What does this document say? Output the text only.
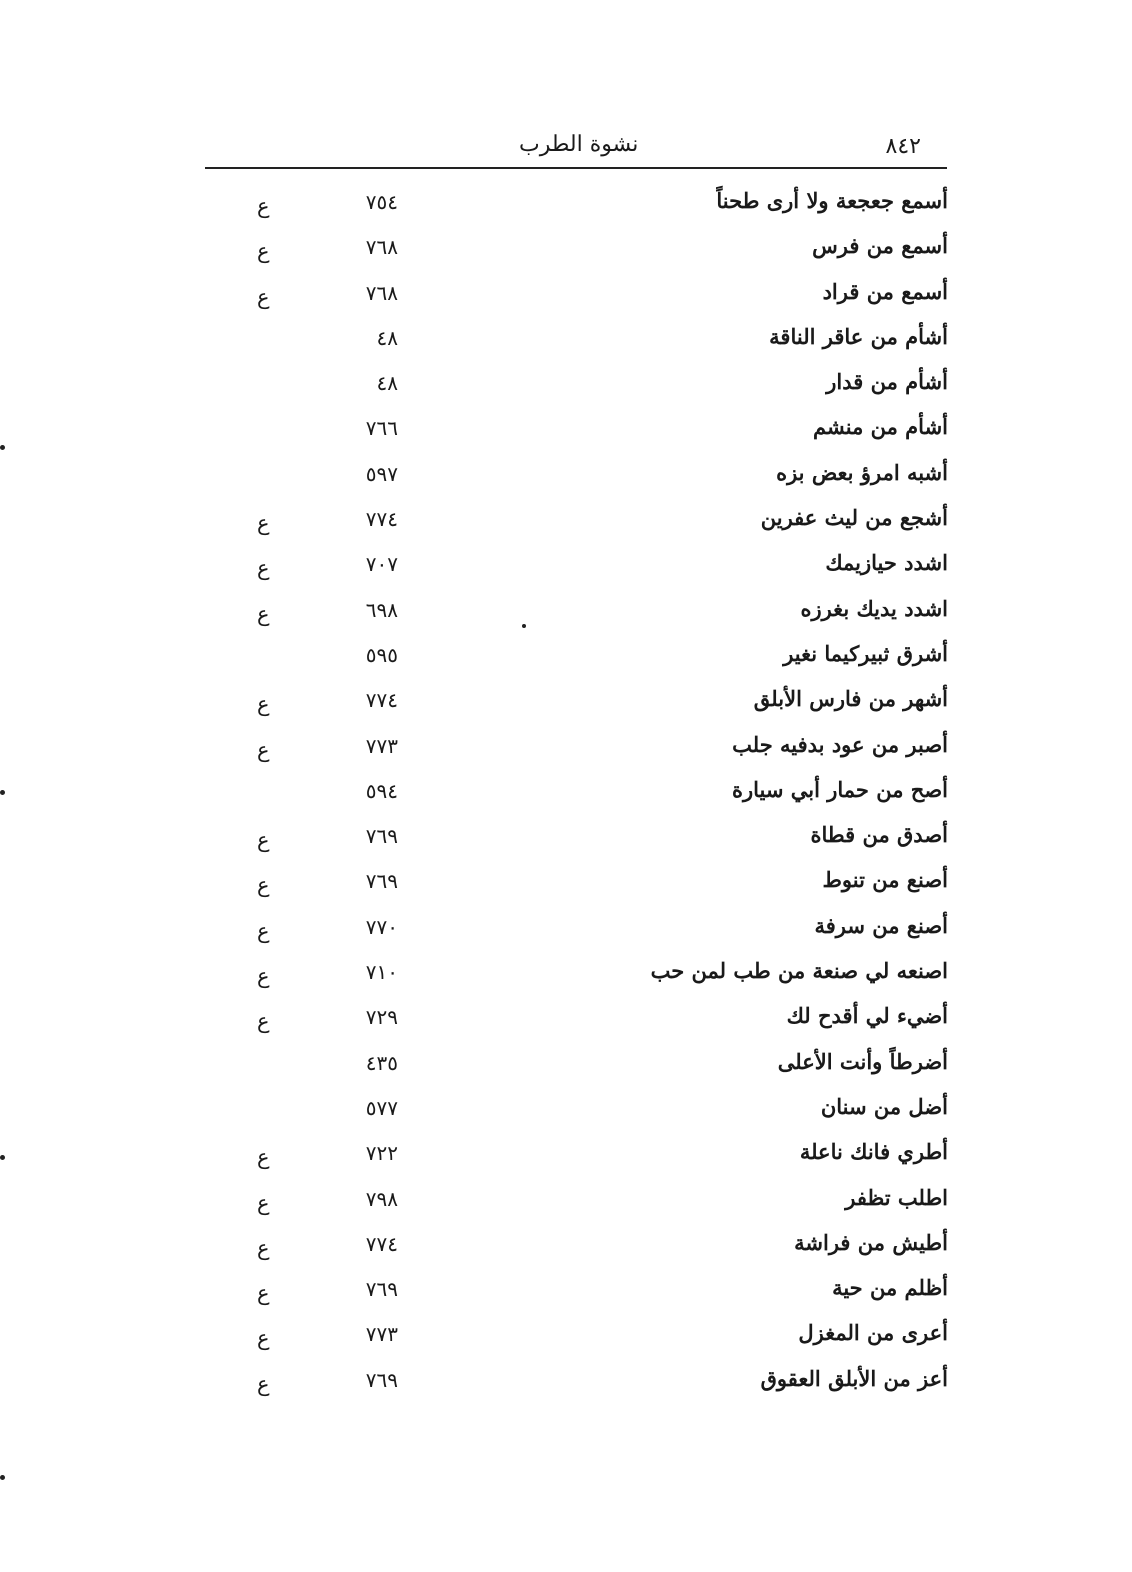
نشوة الطرب	٨٤٢
أسمع جعجعة ولا أرى طحناً
٧٥٤
ع
أسمع من فرس
٧٦٨
ع
أسمع من قراد
٧٦٨
ع
أشأم من عاقر الناقة
٤٨
أشأم من قدار
٤٨
أشأم من منشم
٧٦٦
أشبه امرؤ بعض بزه
٥٩٧
أشجع من ليث عفرين
٧٧٤
ع
اشدد حيازيمك
٧٠٧
ع
اشدد يديك بغرزه
٦٩٨
ع
أشرق ثبيركيما نغير
٥٩٥
أشهر من فارس الأبلق
٧٧٤
ع
أصبر من عود بدفيه جلب
٧٧٣
ع
أصح من حمار أبي سيارة
٥٩٤
أصدق من قطاة
٧٦٩
ع
أصنع من تنوط
٧٦٩
ع
أصنع من سرفة
٧٧٠
ع
اصنعه لي صنعة من طب لمن حب
٧١٠
ع
أضيء لي أقدح لك
٧٢٩
ع
أضرطاً وأنت الأعلى
٤٣٥
أضل من سنان
٥٧٧
أطري فانك ناعلة
٧٢٢
ع
اطلب تظفر
٧٩٨
ع
أطيش من فراشة
٧٧٤
ع
أظلم من حية
٧٦٩
ع
أعرى من المغزل
٧٧٣
ع
أعز من الأبلق العقوق
٧٦٩
ع
